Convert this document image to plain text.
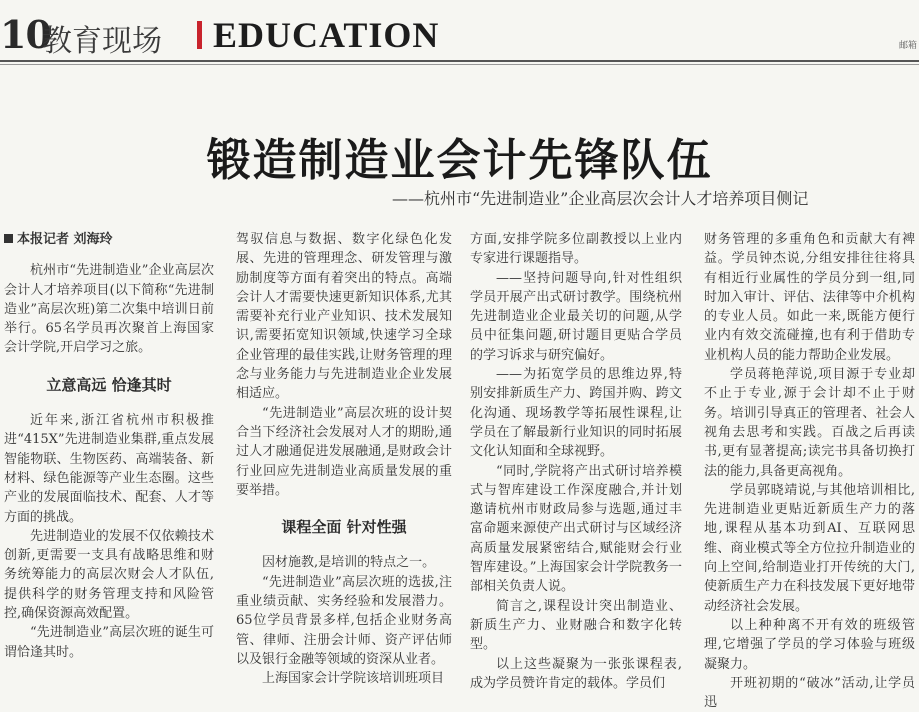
10
教育现场 EDUCATION	邮箱
锻造制造业会计先锋队伍
——杭州市“先进制造业”企业高层次会计人才培养项目侧记
本报记者 刘海玲

杭州市“先进制造业”企业高层次会计人才培养项目(以下简称“先进制造业”高层次班)第二次集中培训日前举行。65名学员再次聚首上海国家会计学院,开启学习之旅。

立意高远 恰逢其时

近年来,浙江省杭州市积极推进“415X”先进制造业集群,重点发展智能物联、生物医药、高端装备、新材料、绿色能源等产业生态圈。这些产业的发展面临技术、配套、人才等方面的挑战。

先进制造业的发展不仅依赖技术创新,更需要一支具有战略思维和财务统筹能力的高层次财会人才队伍,提供科学的财务管理支持和风险管控,确保资源高效配置。

“先进制造业”高层次班的诞生可谓恰逢其时。

驾驭信息与数据、数字化绿色化发展、先进的管理理念、研发管理与激励制度等方面有着突出的特点。高端会计人才需要快速更新知识体系,尤其需要补充行业产业知识、技术发展知识,需要拓宽知识领域,快速学习全球企业管理的最佳实践,让财务管理的理念与业务能力与先进制造业企业发展相适应。

“先进制造业”高层次班的设计契合当下经济社会发展对人才的期盼,通过人才融通促进发展融通,是财政会计行业回应先进制造业高质量发展的重要举措。

课程全面 针对性强

因材施教,是培训的特点之一。

“先进制造业”高层次班的选拔,注重业绩贡献、实务经验和发展潜力。65位学员背景多样,包括企业财务高管、律师、注册会计师、资产评估师以及银行金融等领域的资深从业者。

上海国家会计学院该培训班项目

方面,安排学院多位副教授以上业内专家进行课题指导。

——坚持问题导向,针对性组织学员开展产出式研讨教学。围绕杭州先进制造业企业最关切的问题,从学员中征集问题,研讨题目更贴合学员的学习诉求与研究偏好。

——为拓宽学员的思维边界,特别安排新质生产力、跨国并购、跨文化沟通、现场教学等拓展性课程,让学员在了解最新行业知识的同时拓展文化认知面和全球视野。

“同时,学院将产出式研讨培养模式与智库建设工作深度融合,并计划邀请杭州市财政局参与选题,通过丰富命题来源使产出式研讨与区域经济高质量发展紧密结合,赋能财会行业智库建设。”上海国家会计学院教务一部相关负责人说。

简言之,课程设计突出制造业、新质生产力、业财融合和数字化转型。

以上这些凝聚为一张张课程表,成为学员赞许肯定的载体。学员们

财务管理的多重角色和贡献大有裨益。学员钟杰说,分组安排往往将具有相近行业属性的学员分到一组,同时加入审计、评估、法律等中介机构的专业人员。如此一来,既能方便行业内有效交流碰撞,也有利于借助专业机构人员的能力帮助企业发展。

学员蒋艳萍说,项目源于专业却不止于专业,源于会计却不止于财务。培训引导真正的管理者、社会人视角去思考和实践。百战之后再读书,更有显著提高;读完书具备切换打法的能力,具备更高视角。

学员郭晓靖说,与其他培训相比,先进制造业更贴近新质生产力的落地,课程从基本功到AI、互联网思维、商业模式等全方位拉升制造业的向上空间,给制造业打开传统的大门,使新质生产力在科技发展下更好地带动经济社会发展。

以上种种离不开有效的班级管理,它增强了学员的学习体验与班级凝聚力。

开班初期的“破冰”活动,让学员迅
